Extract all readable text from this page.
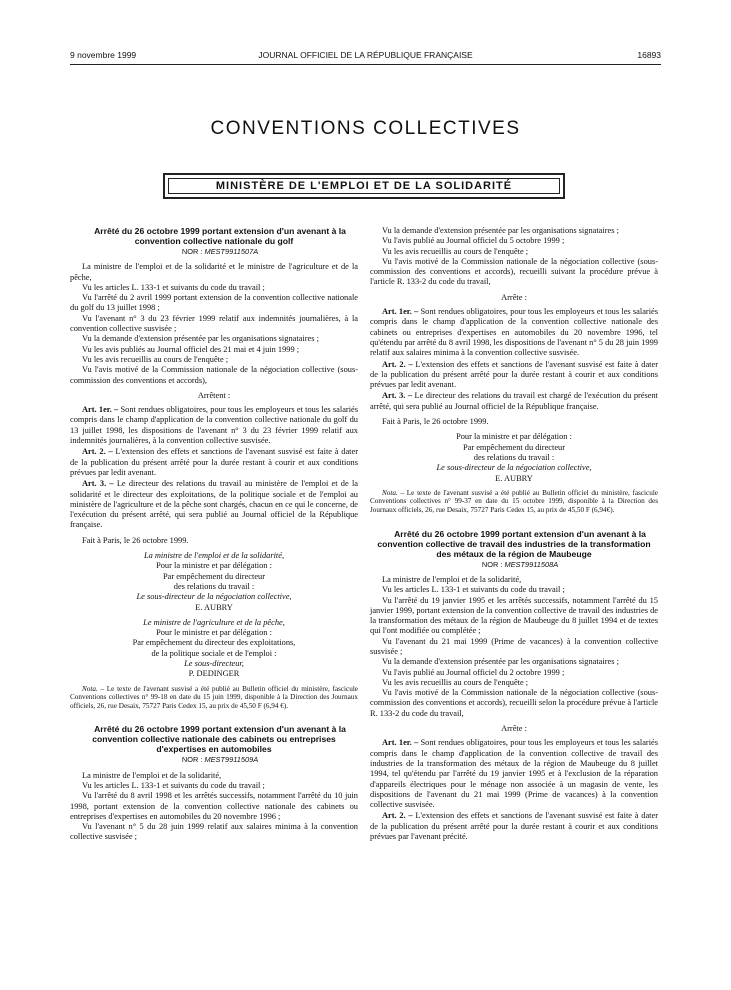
9 novembre 1999	JOURNAL OFFICIEL DE LA RÉPUBLIQUE FRANÇAISE	16893
CONVENTIONS COLLECTIVES
MINISTÈRE DE L'EMPLOI ET DE LA SOLIDARITÉ

Arrêté du 26 octobre 1999 portant extension d'un avenant à la convention collective nationale du golf

NOR : MEST9911507A

La ministre de l'emploi et de la solidarité et le ministre de l'agriculture et de la pêche,

Vu les articles L. 133-1 et suivants du code du travail ;

Vu l'arrêté du 2 avril 1999 portant extension de la convention collective nationale du golf du 13 juillet 1998 ;

Vu l'avenant n° 3 du 23 février 1999 relatif aux indemnités journalières, à la convention collective susvisée ;

Vu la demande d'extension présentée par les organisations signataires ;

Vu les avis publiés au Journal officiel des 21 mai et 4 juin 1999 ;

Vu les avis recueillis au cours de l'enquête ;

Vu l'avis motivé de la Commission nationale de la négociation collective (sous-commission des conventions et accords),

Arrêtent :

Art. 1er. – Sont rendues obligatoires, pour tous les employeurs et tous les salariés compris dans le champ d'application de la convention collective nationale du golf du 13 juillet 1998, les dispositions de l'avenant n° 3 du 23 février 1999 relatif aux indemnités journalières, à la convention collective susvisée.

Art. 2. – L'extension des effets et sanctions de l'avenant susvisé est faite à dater de la publication du présent arrêté pour la durée restant à courir et aux conditions prévues par ledit avenant.

Art. 3. – Le directeur des relations du travail au ministère de l'emploi et de la solidarité et le directeur des exploitations, de la politique sociale et de l'emploi au ministère de l'agriculture et de la pêche sont chargés, chacun en ce qui le concerne, de l'exécution du présent arrêté, qui sera publié au Journal officiel de la République française.

Fait à Paris, le 26 octobre 1999.

La ministre de l'emploi et de la solidarité,

Pour la ministre et par délégation :

Par empêchement du directeur

des relations du travail :

Le sous-directeur de la négociation collective,

E. AUBRY

Le ministre de l'agriculture et de la pêche,

Pour le ministre et par délégation :

Par empêchement du directeur des exploitations,

de la politique sociale et de l'emploi :

Le sous-directeur,

P. DEDINGER

Nota. – Le texte de l'avenant susvisé a été publié au Bulletin officiel du ministère, fascicule Conventions collectives n° 99-18 en date du 15 juin 1999, disponible à la Direction des Journaux officiels, 26, rue Desaix, 75727 Paris Cedex 15, au prix de 45,50 F (6,94 €).

Arrêté du 26 octobre 1999 portant extension d'un avenant à la convention collective nationale des cabinets ou entreprises d'expertises en automobiles

NOR : MEST9911509A

La ministre de l'emploi et de la solidarité,

Vu les articles L. 133-1 et suivants du code du travail ;

Vu l'arrêté du 8 avril 1998 et les arrêtés successifs, notamment l'arrêté du 10 juin 1998, portant extension de la convention collective nationale des cabinets ou entreprises d'expertises en automobiles du 20 novembre 1996 ;

Vu l'avenant n° 5 du 28 juin 1999 relatif aux salaires minima à la convention collective susvisée ;

Vu la demande d'extension présentée par les organisations signataires ;

Vu l'avis publié au Journal officiel du 5 octobre 1999 ;

Vu les avis recueillis au cours de l'enquête ;

Vu l'avis motivé de la Commission nationale de la négociation collective (sous-commission des conventions et accords), recueilli suivant la procédure prévue à l'article R. 133-2 du code du travail,

Arrête :

Art. 1er. – Sont rendues obligatoires, pour tous les employeurs et tous les salariés compris dans le champ d'application de la convention collective nationale des cabinets ou entreprises d'expertises en automobiles du 20 novembre 1996, tel qu'étendu par arrêté du 8 avril 1998, les dispositions de l'avenant n° 5 du 28 juin 1999 relatif aux salaires minima à la convention collective susvisée.

Art. 2. – L'extension des effets et sanctions de l'avenant susvisé est faite à dater de la publication du présent arrêté pour la durée restant à courir et aux conditions prévues par ledit avenant.

Art. 3. – Le directeur des relations du travail est chargé de l'exécution du présent arrêté, qui sera publié au Journal officiel de la République française.

Fait à Paris, le 26 octobre 1999.

Pour la ministre et par délégation :

Par empêchement du directeur

des relations du travail :

Le sous-directeur de la négociation collective,

E. AUBRY

Nota. – Le texte de l'avenant susvisé a été publié au Bulletin officiel du ministère, fascicule Conventions collectives n° 99-37 en date du 15 octobre 1999, disponible à la Direction des Journaux officiels, 26, rue Desaix, 75727 Paris Cedex 15, au prix de 45,50 F (6,94€).

Arrêté du 26 octobre 1999 portant extension d'un avenant à la convention collective de travail des industries de la transformation des métaux de la région de Maubeuge

NOR : MEST9911508A

La ministre de l'emploi et de la solidarité,

Vu les articles L. 133-1 et suivants du code du travail ;

Vu l'arrêté du 19 janvier 1995 et les arrêtés successifs, notamment l'arrêté du 15 janvier 1999, portant extension de la convention collective de travail des industries de la transformation des métaux de la région de Maubeuge du 8 juillet 1994 et de textes qui l'ont modifiée ou complétée ;

Vu l'avenant du 21 mai 1999 (Prime de vacances) à la convention collective susvisée ;

Vu la demande d'extension présentée par les organisations signataires ;

Vu l'avis publié au Journal officiel du 2 octobre 1999 ;

Vu les avis recueillis au cours de l'enquête ;

Vu l'avis motivé de la Commission nationale de la négociation collective (sous-commission des conventions et accords), recueilli selon la procédure prévue à l'article R. 133-2 du code du travail,

Arrête :

Art. 1er. – Sont rendues obligatoires, pour tous les employeurs et tous les salariés compris dans le champ d'application de la convention collective de travail des industries de la transformation des métaux de la région de Maubeuge du 8 juillet 1994, tel qu'étendu par l'arrêté du 19 janvier 1995 et à l'exclusion de la réparation d'appareils électriques pour le ménage non associée à un magasin de vente, les dispositions de l'avenant du 21 mai 1999 (Prime de vacances) à la convention collective susvisée.

Art. 2. – L'extension des effets et sanctions de l'avenant susvisé est faite à dater de la publication du présent arrêté pour la durée restant à courir et aux conditions prévues par l'avenant précité.
